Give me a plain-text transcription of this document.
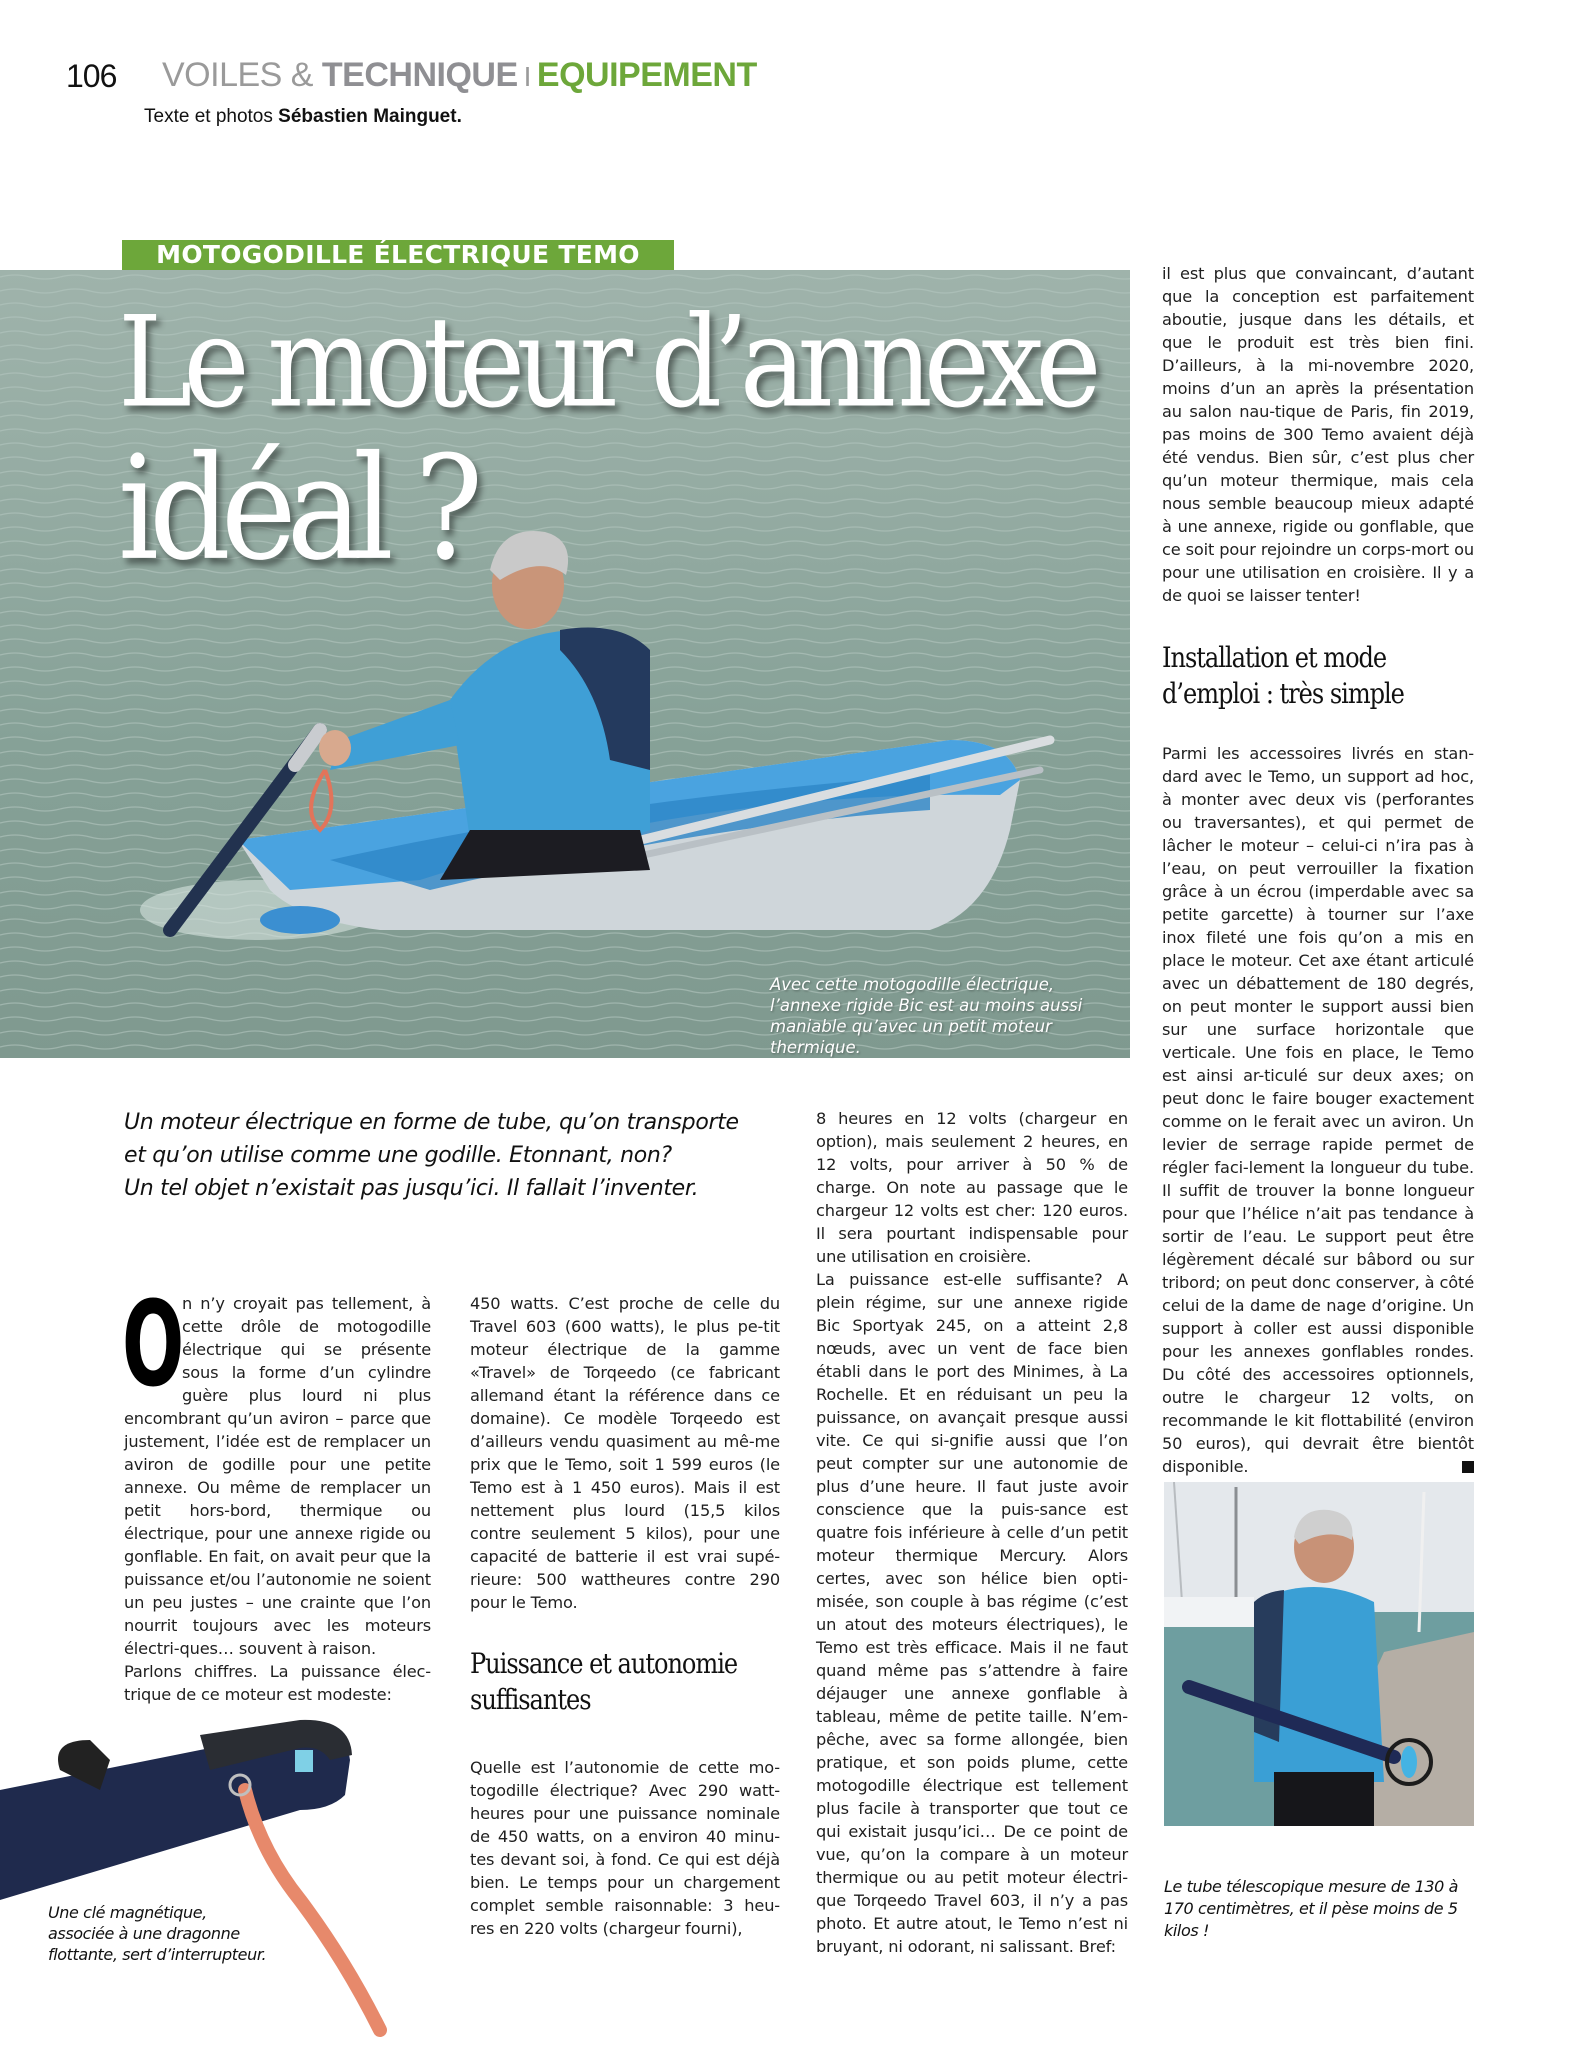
106 VOILES & TECHNIQUE I EQUIPEMENT
Texte et photos Sébastien Mainguet.
MOTOGODILLE ÉLECTRIQUE TEMO
Le moteur d’annexe
idéal ?
Avec cette motogodille électrique, l’annexe rigide Bic est au moins aussi maniable qu’avec un petit moteur thermique.
Un moteur électrique en forme de tube, qu’on transporte
et qu’on utilise comme une godille. Etonnant, non?
Un tel objet n’existait pas jusqu’ici. Il fallait l’inventer.
O

n n’y croyait pas tellement, à cette drôle de motogodille électrique qui se présente sous la forme d’un cylindre guère plus lourd ni plus encombrant qu’un aviron – parce que justement, l’idée est de remplacer un aviron de godille pour une petite annexe. Ou même de remplacer un petit hors-bord, thermique ou électrique, pour une annexe rigide ou gonflable. En fait, on avait peur que la puissance et/ou l’autonomie ne soient un peu justes – une crainte que l’on nourrit toujours avec les moteurs électri-ques… souvent à raison.

Parlons chiffres. La puissance élec-trique de ce moteur est modeste:

450 watts. C’est proche de celle du Travel 603 (600 watts), le plus pe-tit moteur électrique de la gamme «Travel» de Torqeedo (ce fabricant allemand étant la référence dans ce domaine). Ce modèle Torqeedo est d’ailleurs vendu quasiment au mê-me prix que le Temo, soit 1 599 euros (le Temo est à 1 450 euros). Mais il est nettement plus lourd (15,5 kilos contre seulement 5 kilos), pour une capacité de batterie il est vrai supé-rieure: 500 wattheures contre 290 pour le Temo.

Puissance et autonomie
suffisantes

Quelle est l’autonomie de cette mo-togodille électrique? Avec 290 watt-heures pour une puissance nominale de 450 watts, on a environ 40 minu-tes devant soi, à fond. Ce qui est déjà bien. Le temps pour un chargement complet semble raisonnable: 3 heu-res en 220 volts (chargeur fourni),

8 heures en 12 volts (chargeur en option), mais seulement 2 heures, en 12 volts, pour arriver à 50 % de charge. On note au passage que le chargeur 12 volts est cher: 120 euros. Il sera pourtant indispensable pour une utilisation en croisière.

La puissance est-elle suffisante? A plein régime, sur une annexe rigide Bic Sportyak 245, on a atteint 2,8 nœuds, avec un vent de face bien établi dans le port des Minimes, à La Rochelle. Et en réduisant un peu la puissance, on avançait presque aussi vite. Ce qui si-gnifie aussi que l’on peut compter sur une autonomie de plus d’une heure. Il faut juste avoir conscience que la puis-sance est quatre fois inférieure à celle d’un petit moteur thermique Mercury. Alors certes, avec son hélice bien opti-misée, son couple à bas régime (c’est un atout des moteurs électriques), le Temo est très efficace. Mais il ne faut quand même pas s’attendre à faire déjauger une annexe gonflable à tableau, même de petite taille. N’em-pêche, avec sa forme allongée, bien pratique, et son poids plume, cette motogodille électrique est tellement plus facile à transporter que tout ce qui existait jusqu’ici… De ce point de vue, qu’on la compare à un moteur thermique ou au petit moteur électri-que Torqeedo Travel 603, il n’y a pas photo. Et autre atout, le Temo n’est ni bruyant, ni odorant, ni salissant. Bref:

il est plus que convaincant, d’autant que la conception est parfaitement aboutie, jusque dans les détails, et que le produit est très bien fini. D’ailleurs, à la mi-novembre 2020, moins d’un an après la présentation au salon nau-tique de Paris, fin 2019, pas moins de 300 Temo avaient déjà été vendus. Bien sûr, c’est plus cher qu’un moteur thermique, mais cela nous semble beaucoup mieux adapté à une annexe, rigide ou gonflable, que ce soit pour rejoindre un corps-mort ou pour une utilisation en croisière. Il y a de quoi se laisser tenter!

Installation et mode
d’emploi : très simple

Parmi les accessoires livrés en stan-dard avec le Temo, un support ad hoc, à monter avec deux vis (perforantes ou traversantes), et qui permet de lâcher le moteur – celui-ci n’ira pas à l’eau, on peut verrouiller la fixation grâce à un écrou (imperdable avec sa petite garcette) à tourner sur l’axe inox fileté une fois qu’on a mis en place le moteur. Cet axe étant articulé avec un débattement de 180 degrés, on peut monter le support aussi bien sur une surface horizontale que verticale. Une fois en place, le Temo est ainsi ar-ticulé sur deux axes; on peut donc le faire bouger exactement comme on le ferait avec un aviron. Un levier de serrage rapide permet de régler faci-lement la longueur du tube. Il suffit de trouver la bonne longueur pour que l’hélice n’ait pas tendance à sortir de l’eau. Le support peut être légèrement décalé sur bâbord ou sur tribord; on peut donc conserver, à côté celui de la dame de nage d’origine. Un support à coller est aussi disponible pour les annexes gonflables rondes. Du côté des accessoires optionnels, outre le chargeur 12 volts, on recommande le kit flottabilité (environ 50 euros), qui devrait être bientôt disponible.

Une clé magnétique, associée à une dragonne flottante, sert d’interrupteur.
Le tube télescopique mesure de 130 à 170 centimètres, et il pèse moins de 5 kilos !
